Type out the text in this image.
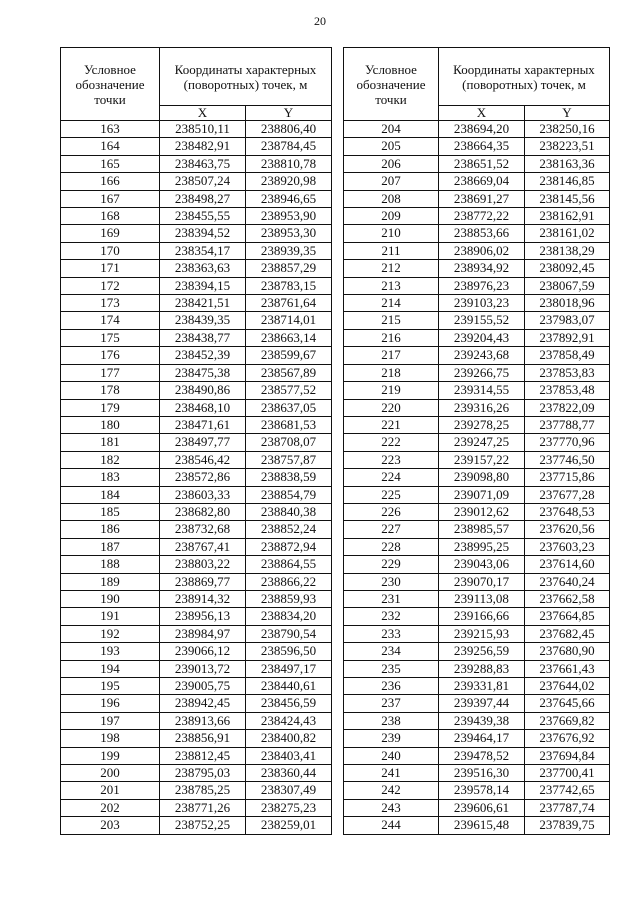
20
Условное обозначение точки	Координаты характерных (поворотных) точек, м	
	X	Y
163	238510,11	238806,40
164	238482,91	238784,45
165	238463,75	238810,78
166	238507,24	238920,98
167	238498,27	238946,65
168	238455,55	238953,90
169	238394,52	238953,30
170	238354,17	238939,35
171	238363,63	238857,29
172	238394,15	238783,15
173	238421,51	238761,64
174	238439,35	238714,01
175	238438,77	238663,14
176	238452,39	238599,67
177	238475,38	238567,89
178	238490,86	238577,52
179	238468,10	238637,05
180	238471,61	238681,53
181	238497,77	238708,07
182	238546,42	238757,87
183	238572,86	238838,59
184	238603,33	238854,79
185	238682,80	238840,38
186	238732,68	238852,24
187	238767,41	238872,94
188	238803,22	238864,55
189	238869,77	238866,22
190	238914,32	238859,93
191	238956,13	238834,20
192	238984,97	238790,54
193	239066,12	238596,50
194	239013,72	238497,17
195	239005,75	238440,61
196	238942,45	238456,59
197	238913,66	238424,43
198	238856,91	238400,82
199	238812,45	238403,41
200	238795,03	238360,44
201	238785,25	238307,49
202	238771,26	238275,23
203	238752,25	238259,01
Условное обозначение точки	Координаты характерных (поворотных) точек, м	
	X	Y
204	238694,20	238250,16
205	238664,35	238223,51
206	238651,52	238163,36
207	238669,04	238146,85
208	238691,27	238145,56
209	238772,22	238162,91
210	238853,66	238161,02
211	238906,02	238138,29
212	238934,92	238092,45
213	238976,23	238067,59
214	239103,23	238018,96
215	239155,52	237983,07
216	239204,43	237892,91
217	239243,68	237858,49
218	239266,75	237853,83
219	239314,55	237853,48
220	239316,26	237822,09
221	239278,25	237788,77
222	239247,25	237770,96
223	239157,22	237746,50
224	239098,80	237715,86
225	239071,09	237677,28
226	239012,62	237648,53
227	238985,57	237620,56
228	238995,25	237603,23
229	239043,06	237614,60
230	239070,17	237640,24
231	239113,08	237662,58
232	239166,66	237664,85
233	239215,93	237682,45
234	239256,59	237680,90
235	239288,83	237661,43
236	239331,81	237644,02
237	239397,44	237645,66
238	239439,38	237669,82
239	239464,17	237676,92
240	239478,52	237694,84
241	239516,30	237700,41
242	239578,14	237742,65
243	239606,61	237787,74
244	239615,48	237839,75
